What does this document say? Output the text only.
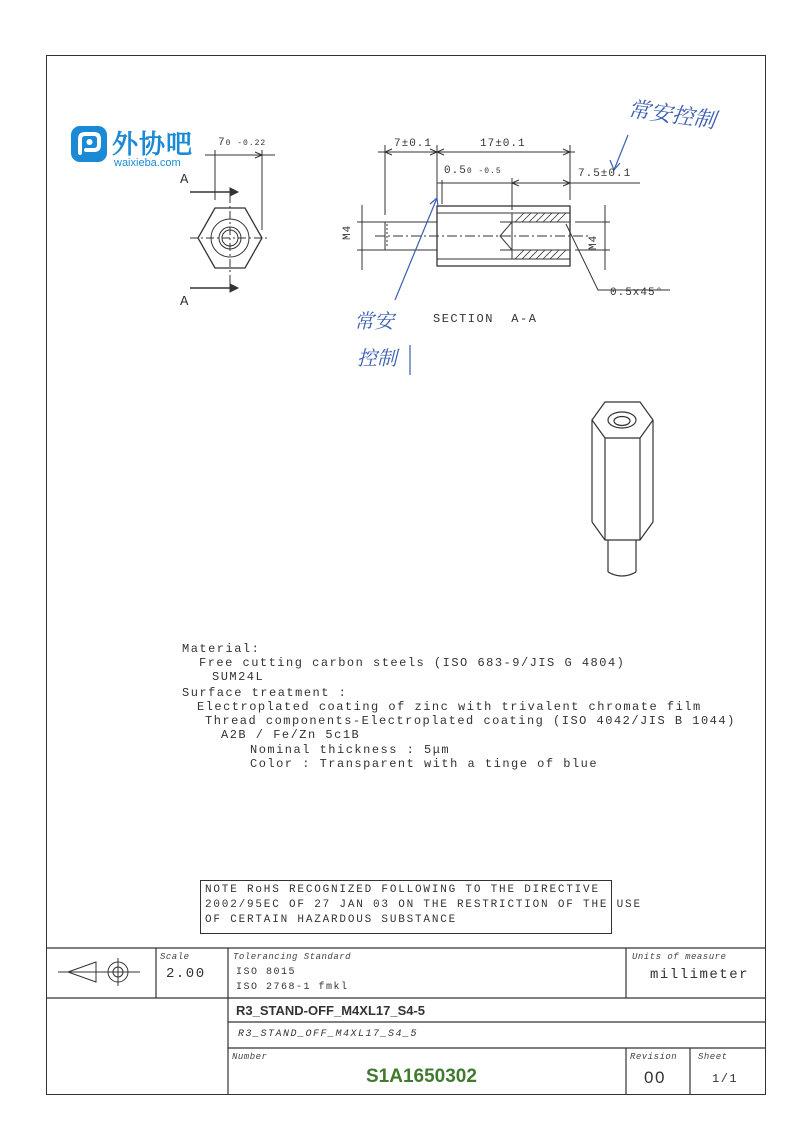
外协吧
waixieba.com
70 -0.22
A
A
7±0.1	17±0.1
0.50 -0.5	7.5±0.1
M4
M4
0.5x45°
SECTION  A-A
常安控制
常安
控制
Material:
Free cutting carbon steels (ISO 683-9/JIS G 4804)
SUM24L
Surface treatment :
Electroplated coating of zinc with trivalent chromate film
Thread components-Electroplated coating (ISO 4042/JIS B 1044)
A2B / Fe/Zn 5c1B
Nominal thickness : 5μm
Color : Transparent with a tinge of blue
NOTE RoHS RECOGNIZED FOLLOWING TO THE DIRECTIVE
2002/95EC OF 27 JAN 03 ON THE RESTRICTION OF THE USE
OF CERTAIN HAZARDOUS SUBSTANCE
Scale
2.00
Tolerancing Standard
ISO 8015
ISO 2768-1 fmkl
Units of measure
millimeter
R3_STAND-OFF_M4XL17_S4-5
R3_STAND_OFF_M4XL17_S4_5
Number
S1A1650302
Revision
00
Sheet
1/1
